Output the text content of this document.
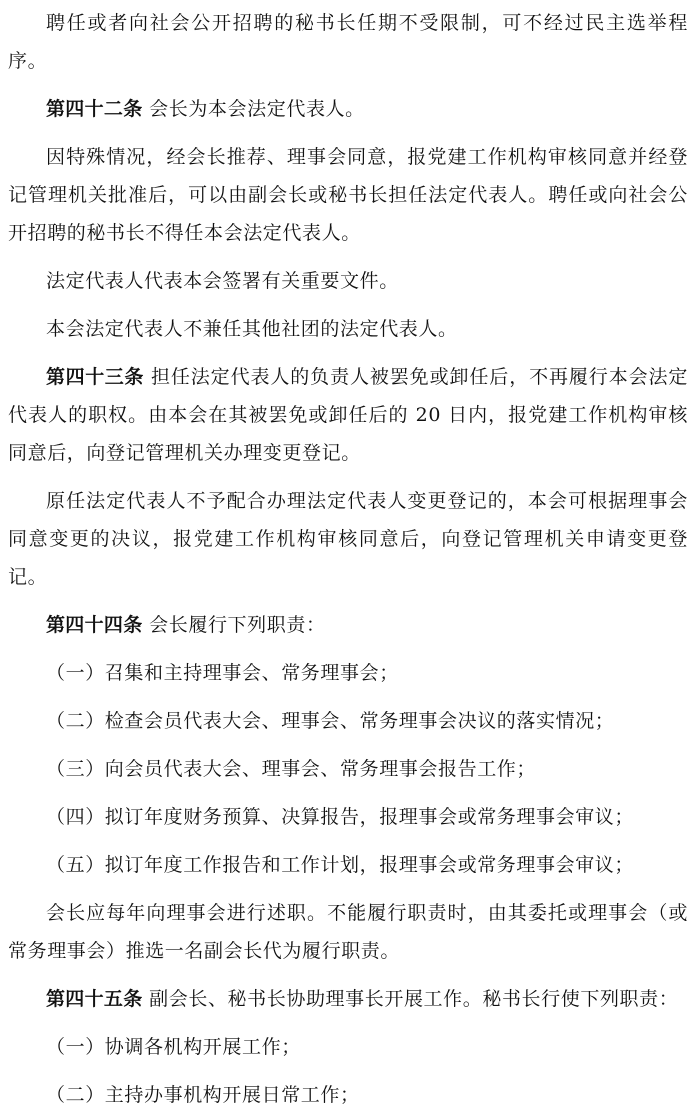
聘任或者向社会公开招聘的秘书长任期不受限制，可不经过民主选举程序。

第四十二条 会长为本会法定代表人。

因特殊情况，经会长推荐、理事会同意，报党建工作机构审核同意并经登记管理机关批准后，可以由副会长或秘书长担任法定代表人。聘任或向社会公开招聘的秘书长不得任本会法定代表人。

法定代表人代表本会签署有关重要文件。

本会法定代表人不兼任其他社团的法定代表人。

第四十三条 担任法定代表人的负责人被罢免或卸任后，不再履行本会法定代表人的职权。由本会在其被罢免或卸任后的 20 日内，报党建工作机构审核同意后，向登记管理机关办理变更登记。

原任法定代表人不予配合办理法定代表人变更登记的，本会可根据理事会同意变更的决议，报党建工作机构审核同意后，向登记管理机关申请变更登记。

第四十四条 会长履行下列职责：

（一）召集和主持理事会、常务理事会；

（二）检查会员代表大会、理事会、常务理事会决议的落实情况；

（三）向会员代表大会、理事会、常务理事会报告工作；

（四）拟订年度财务预算、决算报告，报理事会或常务理事会审议；

（五）拟订年度工作报告和工作计划，报理事会或常务理事会审议；

会长应每年向理事会进行述职。不能履行职责时，由其委托或理事会（或常务理事会）推选一名副会长代为履行职责。

第四十五条 副会长、秘书长协助理事长开展工作。秘书长行使下列职责：

（一）协调各机构开展工作；

（二）主持办事机构开展日常工作；
